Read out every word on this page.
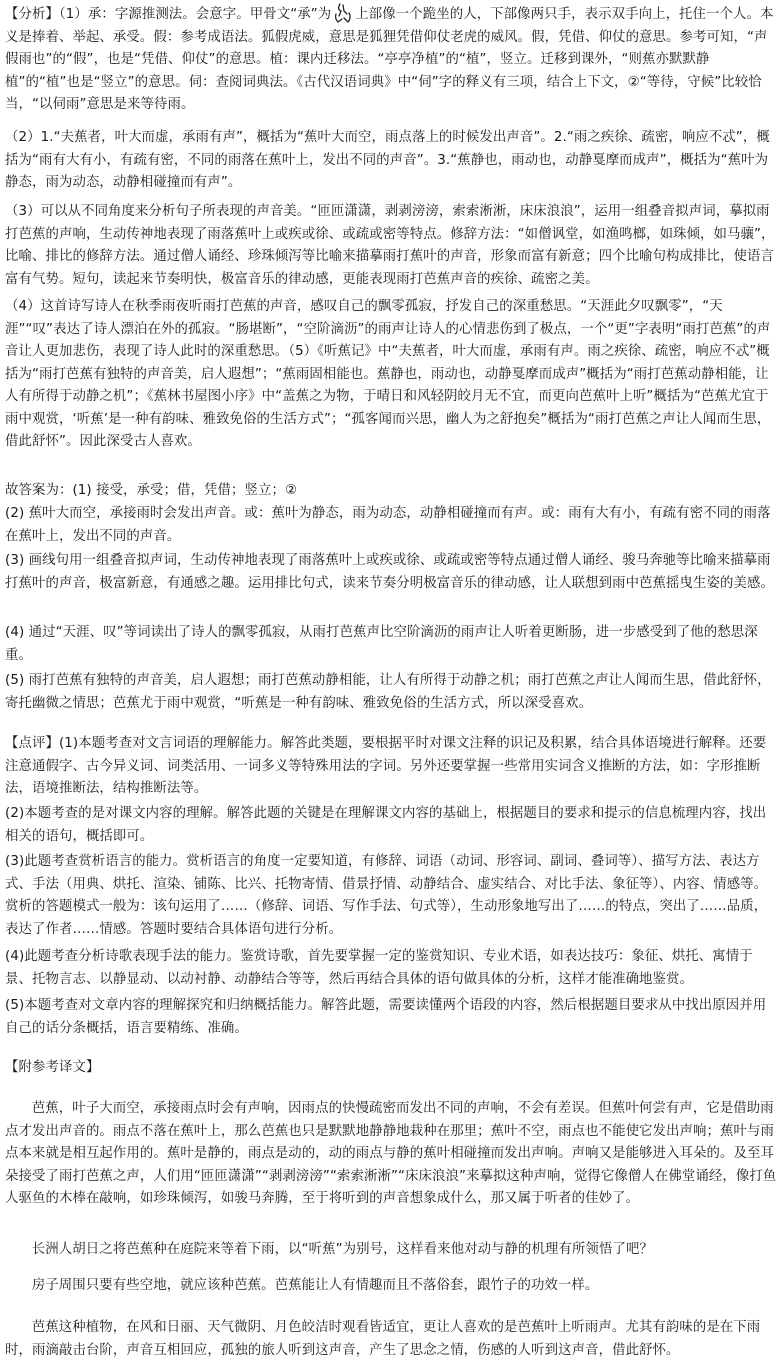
【分析】（1）承：字源推测法。会意字。甲骨文“承”为 上部像一个跪坐的人，下部像两只手，表示双手向上，托住一个人。本义是捧着、举起、承受。假：参考成语法。狐假虎威，意思是狐狸凭借仰仗老虎的威风。假，凭借、仰仗的意思。参考可知，“声假雨也”的“假”，也是“凭借、仰仗”的意思。植：课内迁移法。“亭亭净植”的“植”，竖立。迁移到课外，“则蕉亦默默静植”的“植”也是“竖立”的意思。伺：查阅词典法。《古代汉语词典》中“伺”字的释义有三项，结合上下文，②“等待，守候”比较恰当，“以伺雨”意思是来等待雨。
（2）1.“夫蕉者，叶大而虚，承雨有声”，概括为“蕉叶大而空，雨点落上的时候发出声音”。2.“雨之疾徐、疏密，响应不忒”，概括为“雨有大有小，有疏有密，不同的雨落在蕉叶上，发出不同的声音”。3.“蕉静也，雨动也，动静戛摩而成声”，概括为“蕉叶为静态，雨为动态，动静相碰撞而有声”。
（3）可以从不同角度来分析句子所表现的声音美。“匝匝潇潇，剥剥滂滂，索索淅淅，床床浪浪”，运用一组叠音拟声词，摹拟雨打芭蕉的声响，生动传神地表现了雨落蕉叶上或疾或徐、或疏或密等特点。修辞方法：“如僧讽堂，如渔鸣榔，如珠倾，如马骧”，比喻、排比的修辞方法。通过僧人诵经、珍珠倾泻等比喻来描摹雨打蕉叶的声音，形象而富有新意；四个比喻句构成排比，使语言富有气势。短句，读起来节奏明快，极富音乐的律动感，更能表现雨打芭蕉声音的疾徐、疏密之美。
（4）这首诗写诗人在秋季雨夜听雨打芭蕉的声音，感叹自己的飘零孤寂，抒发自己的深重愁思。“天涯此夕叹飘零”，“天涯”“叹”表达了诗人漂泊在外的孤寂。“肠堪断”，“空阶滴沥”的雨声让诗人的心情悲伤到了极点，一个“更”字表明“雨打芭蕉”的声音让人更加悲伤，表现了诗人此时的深重愁思。（5）《听蕉记》中“夫蕉者，叶大而虚，承雨有声。雨之疾徐、疏密，响应不忒”概括为“雨打芭蕉有独特的声音美，启人遐想”；“蕉雨固相能也。蕉静也，雨动也，动静戛摩而成声”概括为“雨打芭蕉动静相能，让人有所得于动静之机”；《蕉林书屋图小序》中“盖蕉之为物，于晴日和风轻阴皎月无不宜，而更向芭蕉叶上听”概括为“芭蕉尤宜于雨中观赏，‘听蕉’是一种有韵味、雅致免俗的生活方式”；“孤客闻而兴思，幽人为之舒抱矣”概括为“雨打芭蕉之声让人闻而生思，借此舒怀”。因此深受古人喜欢。
故答案为：(1) 接受，承受；借，凭借；竖立；②
(2) 蕉叶大而空，承接雨时会发出声音。或：蕉叶为静态，雨为动态，动静相碰撞而有声。或：雨有大有小，有疏有密不同的雨落在蕉叶上，发出不同的声音。
(3) 画线句用一组叠音拟声词，生动传神地表现了雨落蕉叶上或疾或徐、或疏或密等特点通过僧人诵经、骏马奔驰等比喻来描摹雨打蕉叶的声音，极富新意，有通感之趣。运用排比句式，读来节奏分明极富音乐的律动感，让人联想到雨中芭蕉摇曳生姿的美感。
(4) 通过“天涯、叹”等词读出了诗人的飘零孤寂，从雨打芭蕉声比空阶滴沥的雨声让人听着更断肠，进一步感受到了他的愁思深重。
(5) 雨打芭蕉有独特的声音美，启人遐想；雨打芭蕉动静相能，让人有所得于动静之机；雨打芭蕉之声让人闻而生思，借此舒怀，寄托幽微之情思；芭蕉尤于雨中观赏，“听蕉是一种有韵味、雅致免俗的生活方式，所以深受喜欢。
【点评】(1)本题考查对文言词语的理解能力。解答此类题，要根据平时对课文注释的识记及积累，结合具体语境进行解释。还要注意通假字、古今异义词、词类活用、一词多义等特殊用法的字词。另外还要掌握一些常用实词含义推断的方法，如：字形推断法，语境推断法，结构推断法等。
(2)本题考查的是对课文内容的理解。解答此题的关键是在理解课文内容的基础上，根据题目的要求和提示的信息梳理内容，找出相关的语句，概括即可。
(3)此题考查赏析语言的能力。赏析语言的角度一定要知道，有修辞、词语（动词、形容词、副词、叠词等）、描写方法、表达方式、手法（用典、烘托、渲染、铺陈、比兴、托物寄情、借景抒情、动静结合、虚实结合、对比手法、象征等）、内容、情感等。赏析的答题模式一般为：该句运用了……（修辞、词语、写作手法、句式等），生动形象地写出了……的特点，突出了……品质，表达了作者……情感。答题时要结合具体语句进行分析。
(4)此题考查分析诗歌表现手法的能力。鉴赏诗歌，首先要掌握一定的鉴赏知识、专业术语，如表达技巧：象征、烘托、寓情于景、托物言志、以静显动、以动衬静、动静结合等等，然后再结合具体的语句做具体的分析，这样才能准确地鉴赏。
(5)本题考查对文章内容的理解探究和归纳概括能力。解答此题，需要读懂两个语段的内容，然后根据题目要求从中找出原因并用自己的话分条概括，语言要精练、准确。
【附参考译文】
芭蕉，叶子大而空，承接雨点时会有声响，因雨点的快慢疏密而发出不同的声响，不会有差误。但蕉叶何尝有声，它是借助雨点才发出声音的。雨点不落在蕉叶上，那么芭蕉也只是默默地静静地栽种在那里；蕉叶不空，雨点也不能使它发出声响；蕉叶与雨点本来就是相互起作用的。蕉叶是静的，雨点是动的，动的雨点与静的蕉叶相碰撞而发出声响。声响又是能够进入耳朵的。及至耳朵接受了雨打芭蕉之声，人们用“匝匝潇潇”“剥剥滂滂”“索索淅淅”“床床浪浪”来摹拟这种声响，觉得它像僧人在佛堂诵经，像打鱼人驱鱼的木棒在敲响，如珍珠倾泻，如骏马奔腾，至于将听到的声音想象成什么，那又属于听者的佳妙了。
长洲人胡日之将芭蕉种在庭院来等着下雨，以“听蕉”为别号，这样看来他对动与静的机理有所领悟了吧？
房子周围只要有些空地，就应该种芭蕉。芭蕉能让人有情趣而且不落俗套，跟竹子的功效一样。
芭蕉这种植物，在风和日丽、天气微阴、月色皎洁时观看皆适宜，更让人喜欢的是芭蕉叶上听雨声。尤其有韵味的是在下雨时，雨滴敲击台阶，声音互相回应，孤独的旅人听到这声音，产生了思念之情，伤感的人听到这声音，借此舒怀。
